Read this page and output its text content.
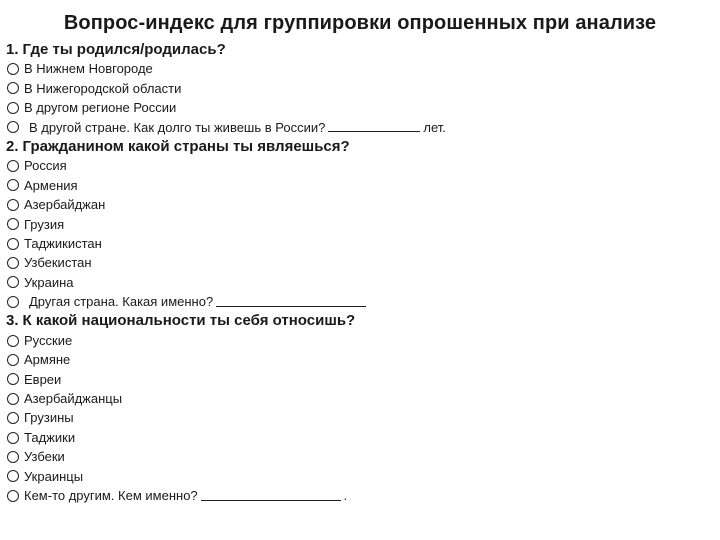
Вопрос-индекс для группировки опрошенных при анализе
1. Где ты родился/родилась?
В Нижнем Новгороде
В Нижегородской области
В другом регионе России
В другой стране. Как долго ты живешь в России?	лет.
2. Гражданином какой страны ты являешься?
Россия
Армения
Азербайджан
Грузия
Таджикистан
Узбекистан
Украина
Другая страна. Какая именно?
3. К какой национальности ты себя относишь?
Русские
Армяне
Евреи
Азербайджанцы
Грузины
Таджики
Узбеки
Украинцы
Кем-то другим. Кем именно?	.
